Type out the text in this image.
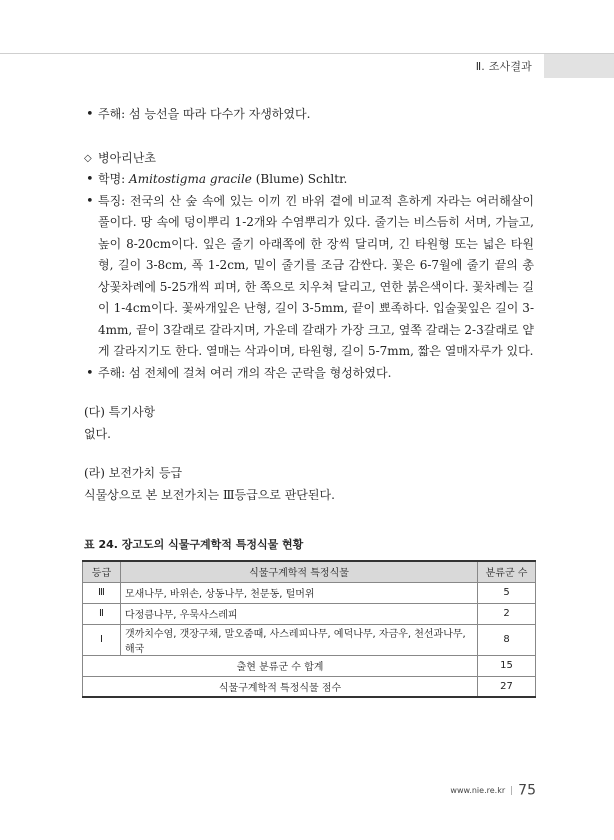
Ⅱ. 조사결과
• 주해: 섬 능선을 따라 다수가 자생하였다.
◇ 병아리난초
• 학명: Amitostigma gracile (Blume) Schltr.
• 특징: 전국의 산 숲 속에 있는 이끼 낀 바위 곁에 비교적 흔하게 자라는 여러해살이풀이다. 땅 속에 덩이뿌리 1-2개와 수염뿌리가 있다. 줄기는 비스듬히 서며, 가늘고, 높이 8-20cm이다. 잎은 줄기 아래쪽에 한 장씩 달리며, 긴 타원형 또는 넓은 타원형, 길이 3-8cm, 폭 1-2cm, 밑이 줄기를 조금 감싼다. 꽃은 6-7월에 줄기 끝의 총상꽃차례에 5-25개씩 피며, 한 쪽으로 치우쳐 달리고, 연한 붉은색이다. 꽃차례는 길이 1-4cm이다. 꽃싸개잎은 난형, 길이 3-5mm, 끝이 뾰족하다. 입술꽃잎은 길이 3-4mm, 끝이 3갈래로 갈라지며, 가운데 갈래가 가장 크고, 옆쪽 갈래는 2-3갈래로 얕게 갈라지기도 한다. 열매는 삭과이며, 타원형, 길이 5-7mm, 짧은 열매자루가 있다.
• 주해: 섬 전체에 걸쳐 여러 개의 작은 군락을 형성하였다.
(다) 특기사항
없다.
(라) 보전가치 등급
식물상으로 본 보전가치는 Ⅲ등급으로 판단된다.
표 24. 장고도의 식물구계학적 특정식물 현황
등급	식물구계학적 특정식물	분류군 수
Ⅲ	모새나무, 바위손, 상동나무, 천문동, 털머위	5
Ⅱ	다정큼나무, 우묵사스레피	2
Ⅰ	갯까치수염, 갯장구채, 말오줌때, 사스레피나무, 예덕나무, 자금우, 천선과나무, 해국	8
출현 분류군 수 합계		15
식물구계학적 특정식물 점수		27
www.nie.re.kr | 75
